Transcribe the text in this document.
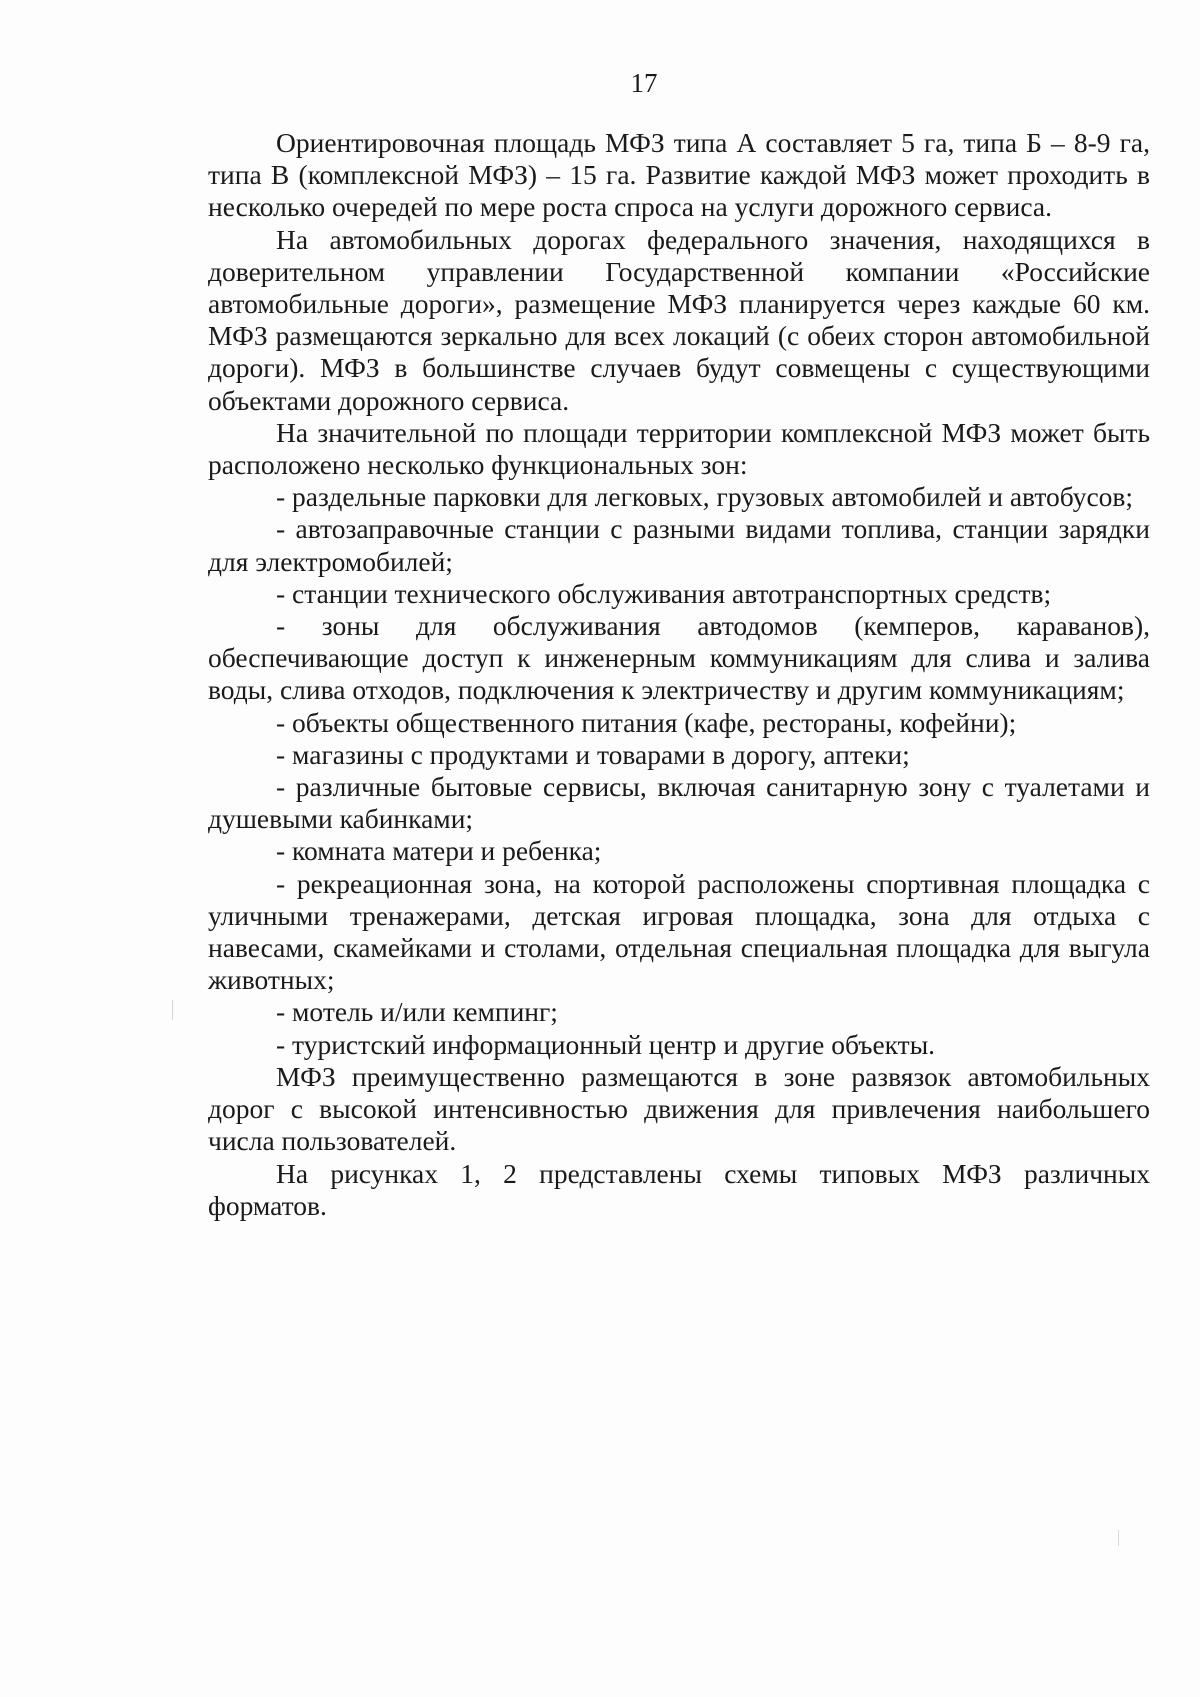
17

Ориентировочная площадь МФЗ типа А составляет 5 га, типа Б – 8-9 га, типа В (комплексной МФЗ) – 15 га. Развитие каждой МФЗ может проходить в несколько очередей по мере роста спроса на услуги дорожного сервиса.

На автомобильных дорогах федерального значения, находящихся в доверительном управлении Государственной компании «Российские автомобильные дороги», размещение МФЗ планируется через каждые 60 км. МФЗ размещаются зеркально для всех локаций (с обеих сторон автомобильной дороги). МФЗ в большинстве случаев будут совмещены с существующими объектами дорожного сервиса.

На значительной по площади территории комплексной МФЗ может быть расположено несколько функциональных зон:

- раздельные парковки для легковых, грузовых автомобилей и автобусов;

- автозаправочные станции с разными видами топлива, станции зарядки для электромобилей;

- станции технического обслуживания автотранспортных средств;

- зоны для обслуживания автодомов (кемперов, караванов), обеспечивающие доступ к инженерным коммуникациям для слива и залива воды, слива отходов, подключения к электричеству и другим коммуникациям;

- объекты общественного питания (кафе, рестораны, кофейни);

- магазины с продуктами и товарами в дорогу, аптеки;

- различные бытовые сервисы, включая санитарную зону с туалетами и душевыми кабинками;

- комната матери и ребенка;

- рекреационная зона, на которой расположены спортивная площадка с уличными тренажерами, детская игровая площадка, зона для отдыха с навесами, скамейками и столами, отдельная специальная площадка для выгула животных;

- мотель и/или кемпинг;

- туристский информационный центр и другие объекты.

МФЗ преимущественно размещаются в зоне развязок автомобильных дорог с высокой интенсивностью движения для привлечения наибольшего числа пользователей.

На рисунках 1, 2 представлены схемы типовых МФЗ различных форматов.
